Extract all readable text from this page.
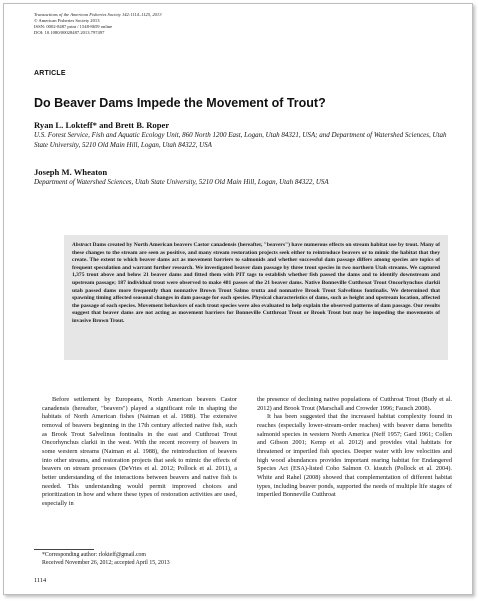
Transactions of the American Fisheries Society 142:1114–1125, 2013
© American Fisheries Society 2013
ISSN: 0002-8487 print / 1548-8659 online
DOI: 10.1080/00028487.2013.797497
ARTICLE
Do Beaver Dams Impede the Movement of Trout?
Ryan L. Lokteff* and Brett B. Roper
U.S. Forest Service, Fish and Aquatic Ecology Unit, 860 North 1200 East, Logan, Utah 84321, USA; and Department of Watershed Sciences, Utah State University, 5210 Old Main Hill, Logan, Utah 84322, USA
Joseph M. Wheaton
Department of Watershed Sciences, Utah State University, 5210 Old Main Hill, Logan, Utah 84322, USA
Abstract Dams created by North American beavers Castor canadensis (hereafter, "beavers") have numerous effects on stream habitat use by trout. Many of these changes to the stream are seen as positive, and many stream restoration projects seek either to reintroduce beavers or to mimic the habitat that they create. The extent to which beaver dams act as movement barriers to salmonids and whether successful dam passage differs among species are topics of frequent speculation and warrant further research. We investigated beaver dam passage by three trout species in two northern Utah streams. We captured 1,375 trout above and below 21 beaver dams and fitted them with PIT tags to establish whether fish passed the dams and to identify downstream and upstream passage; 187 individual trout were observed to make 481 passes of the 21 beaver dams. Native Bonneville Cutthroat Trout Oncorhynchus clarkii utah passed dams more frequently than nonnative Brown Trout Salmo trutta and nonnative Brook Trout Salvelinus fontinalis. We determined that spawning timing affected seasonal changes in dam passage for each species. Physical characteristics of dams, such as height and upstream location, affected the passage of each species. Movement behaviors of each trout species were also evaluated to help explain the observed patterns of dam passage. Our results suggest that beaver dams are not acting as movement barriers for Bonneville Cutthroat Trout or Brook Trout but may be impeding the movements of invasive Brown Trout.

Before settlement by Europeans, North American beavers Castor canadensis (hereafter, "beavers") played a significant role in shaping the habitats of North American fishes (Naiman et al. 1988). The extensive removal of beavers beginning in the 17th century affected native fish, such as Brook Trout Salvelinus fontinalis in the east and Cutthroat Trout Oncorhynchus clarkii in the west. With the recent recovery of beavers in some western streams (Naiman et al. 1988), the reintroduction of beavers into other streams, and restoration projects that seek to mimic the effects of beavers on stream processes (DeVries et al. 2012; Pollock et al. 2011), a better understanding of the interactions between beavers and native fish is needed. This understanding would permit improved choices and prioritization in how and where these types of restoration activities are used, especially in

the presence of declining native populations of Cutthroat Trout (Budy et al. 2012) and Brook Trout (Marschall and Crowder 1996; Fausch 2008).

It has been suggested that the increased habitat complexity found in reaches (especially lower-stream-order reaches) with beaver dams benefits salmonid species in western North America (Neff 1957; Gard 1961; Collen and Gibson 2001; Kemp et al. 2012) and provides vital habitats for threatened or imperiled fish species. Deeper water with low velocities and high wood abundances provides important rearing habitat for Endangered Species Act (ESA)-listed Coho Salmon O. kisutch (Pollock et al. 2004). White and Rahel (2008) showed that complementation of different habitat types, including beaver ponds, supported the needs of multiple life stages of imperiled Bonneville Cutthroat

*Corresponding author: rlokteff@gmail.com
Received November 26, 2012; accepted April 15, 2013
1114
